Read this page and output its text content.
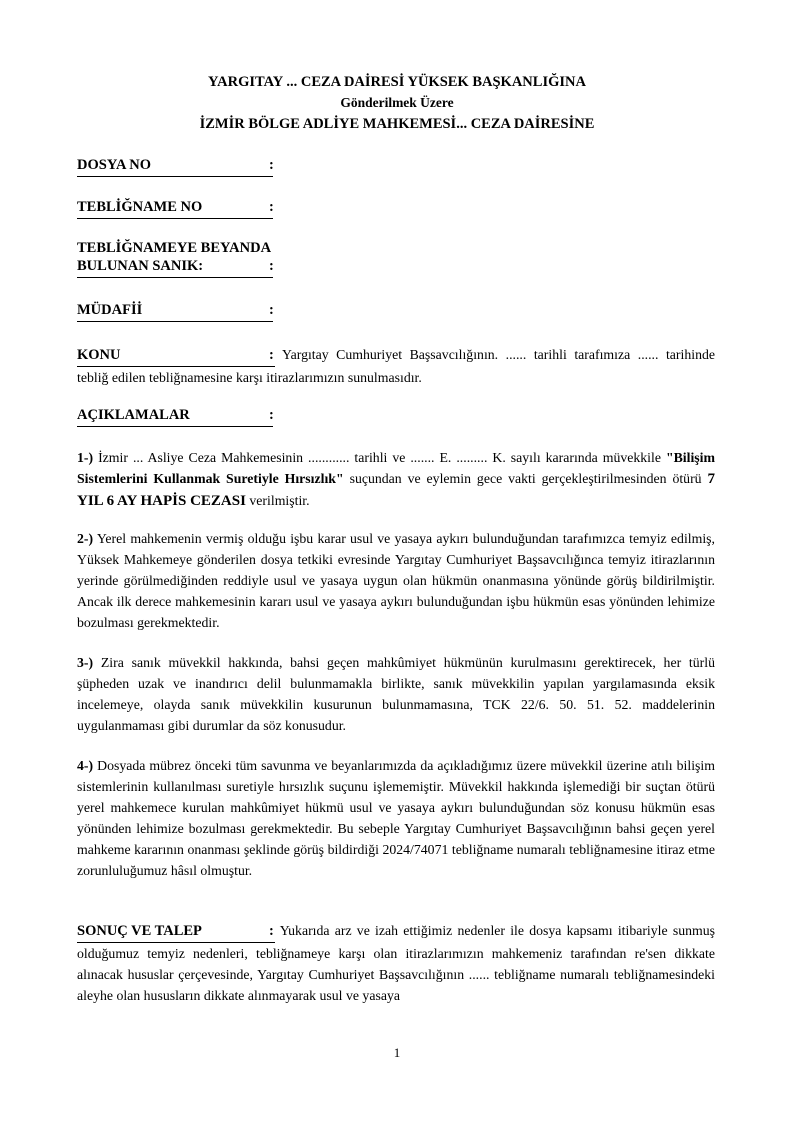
YARGITAY ... CEZA DAİRESİ YÜKSEK BAŞKANLIĞINA
Gönderilmek Üzere
İZMİR BÖLGE ADLİYE MAHKEMESİ... CEZA DAİRESİNE
DOSYA NO	:
TEBLİĞNAME NO	:
TEBLİĞNAMEYE BEYANDA
BULUNAN SANIK:	:
MÜDAFİİ	:
KONU	: Yargıtay Cumhuriyet Başsavcılığının. ...... tarihli tarafımıza ...... tarihinde tebliğ edilen tebliğnamesine karşı itirazlarımızın sunulmasıdır.
AÇIKLAMALAR	:
1-) İzmir ... Asliye Ceza Mahkemesinin ............ tarihli ve ....... E. ......... K. sayılı kararında müvekkile "Bilişim Sistemlerini Kullanmak Suretiyle Hırsızlık" suçundan ve eylemin gece vakti gerçekleştirilmesinden ötürü 7 YIL 6 AY HAPİS CEZASI verilmiştir.
2-) Yerel mahkemenin vermiş olduğu işbu karar usul ve yasaya aykırı bulunduğundan tarafımızca temyiz edilmiş, Yüksek Mahkemeye gönderilen dosya tetkiki evresinde Yargıtay Cumhuriyet Başsavcılığınca temyiz itirazlarının yerinde görülmediğinden reddiyle usul ve yasaya uygun olan hükmün onanmasına yönünde görüş bildirilmiştir. Ancak ilk derece mahkemesinin kararı usul ve yasaya aykırı bulunduğundan işbu hükmün esas yönünden lehimize bozulması gerekmektedir.
3-) Zira sanık müvekkil hakkında, bahsi geçen mahkûmiyet hükmünün kurulmasını gerektirecek, her türlü şüpheden uzak ve inandırıcı delil bulunmamakla birlikte, sanık müvekkilin yapılan yargılamasında eksik incelemeye, olayda sanık müvekkilin kusurunun bulunmamasına, TCK 22/6. 50. 51. 52. maddelerinin uygulanmaması gibi durumlar da söz konusudur.
4-) Dosyada mübrez önceki tüm savunma ve beyanlarımızda da açıkladığımız üzere müvekkil üzerine atılı bilişim sistemlerinin kullanılması suretiyle hırsızlık suçunu işlememiştir. Müvekkil hakkında işlemediği bir suçtan ötürü yerel mahkemece kurulan mahkûmiyet hükmü usul ve yasaya aykırı bulunduğundan söz konusu hükmün esas yönünden lehimize bozulması gerekmektedir. Bu sebeple Yargıtay Cumhuriyet Başsavcılığının bahsi geçen yerel mahkeme kararının onanması şeklinde görüş bildirdiği 2024/74071 tebliğname numaralı tebliğnamesine itiraz etme zorunluluğumuz hâsıl olmuştur.
SONUÇ VE TALEP	: Yukarıda arz ve izah ettiğimiz nedenler ile dosya kapsamı itibariyle sunmuş olduğumuz temyiz nedenleri, tebliğnameye karşı olan itirazlarımızın mahkemeniz tarafından re'sen dikkate alınacak hususlar çerçevesinde, Yargıtay Cumhuriyet Başsavcılığının ...... tebliğname numaralı tebliğnamesindeki aleyhe olan hususların dikkate alınmayarak usul ve yasaya
1
